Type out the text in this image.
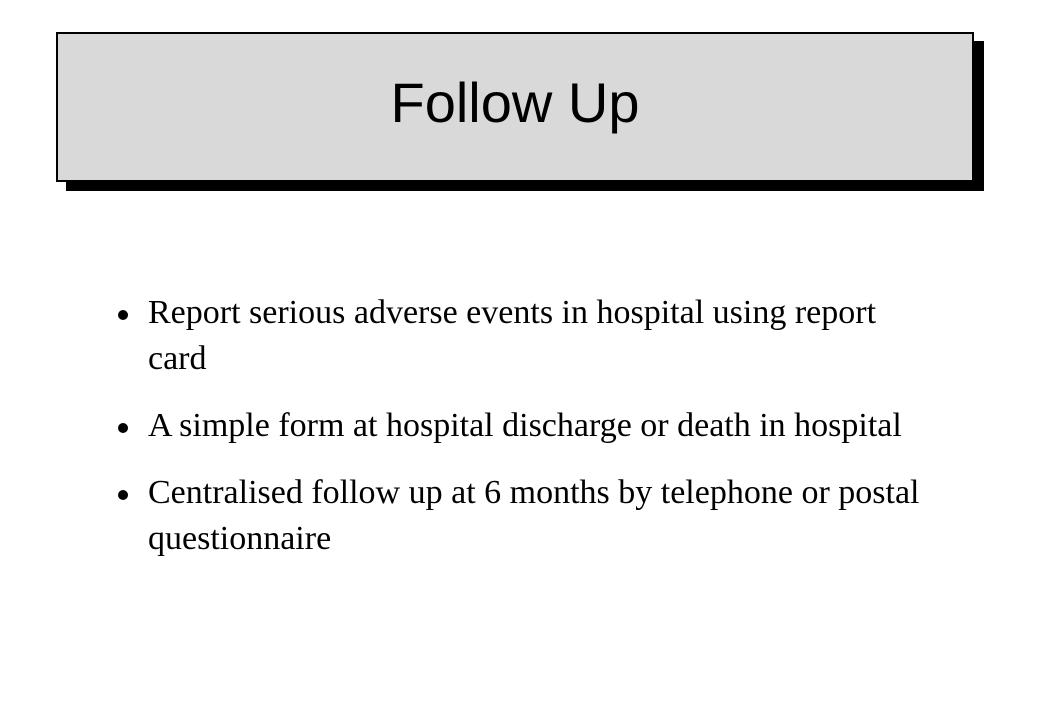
Follow Up
Report serious adverse events in hospital using report card
A simple form at hospital discharge or death in hospital
Centralised follow up at 6 months by telephone or postal questionnaire
